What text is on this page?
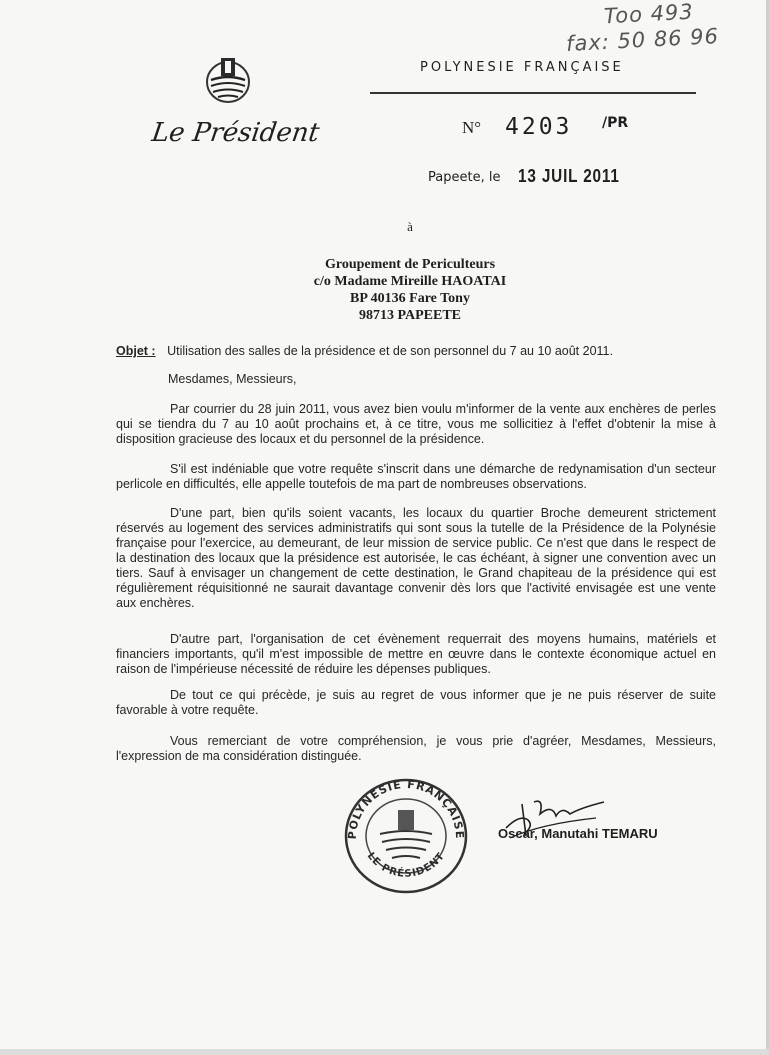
Too 493
fax: 50 86 96
POLYNESIE FRANÇAISE
Le Président	N° 4203 /PR
Papeete, le 13 JUIL 2011
à
Groupement de Periculteurs
c/o Madame Mireille HAOATAI
BP 40136 Fare Tony
98713 PAPEETE
Objet : Utilisation des salles de la présidence et de son personnel du 7 au 10 août 2011.
Mesdames, Messieurs,
Par courrier du 28 juin 2011, vous avez bien voulu m'informer de la vente aux enchères de perles qui se tiendra du 7 au 10 août prochains et, à ce titre, vous me sollicitiez à l'effet d'obtenir la mise à disposition gracieuse des locaux et du personnel de la présidence.
S'il est indéniable que votre requête s'inscrit dans une démarche de redynamisation d'un secteur perlicole en difficultés, elle appelle toutefois de ma part de nombreuses observations.
D'une part, bien qu'ils soient vacants, les locaux du quartier Broche demeurent strictement réservés au logement des services administratifs qui sont sous la tutelle de la Présidence de la Polynésie française pour l'exercice, au demeurant, de leur mission de service public. Ce n'est que dans le respect de la destination des locaux que la présidence est autorisée, le cas échéant, à signer une convention avec un tiers. Sauf à envisager un changement de cette destination, le Grand chapiteau de la présidence qui est régulièrement réquisitionné ne saurait davantage convenir dès lors que l'activité envisagée est une vente aux enchères.
D'autre part, l'organisation de cet évènement requerrait des moyens humains, matériels et financiers importants, qu'il m'est impossible de mettre en œuvre dans le contexte économique actuel en raison de l'impérieuse nécessité de réduire les dépenses publiques.
De tout ce qui précède, je suis au regret de vous informer que je ne puis réserver de suite favorable à votre requête.
Vous remerciant de votre compréhension, je vous prie d'agréer, Mesdames, Messieurs, l'expression de ma considération distinguée.
POLYNESIE FRANÇAISE
LE PRÉSIDENT
Oscar, Manutahi TEMARU
